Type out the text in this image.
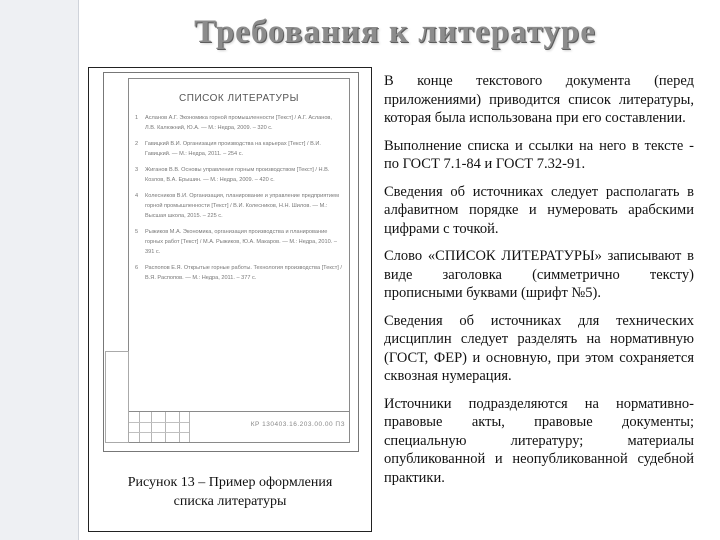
Требования к литературе
СПИСОК ЛИТЕРАТУРЫ
1	Асланов А.Г. Экономика горной промышленности [Текст] / А.Г. Асланов, Л.В. Калюжний, Ю.А. — М.: Недра, 2009. – 320 с.
2	Гавицкий В.И. Организация производства на карьерах [Текст] / В.И. Гавицкий. — М.: Недра, 2011. – 254 с.
3	Жиганов В.В. Основы управления горным производством [Текст] / Н.В. Козлов, В.А. Ерышин. — М.: Недра, 2009. – 420 с.
4	Колесников В.И. Организация, планирование и управление предприятием горной промышленности [Текст] / В.И. Колесников, Н.Н. Шилов. — М.: Высшая школа, 2015. – 225 с.
5	Рыжиков М.А. Экономика, организация производства и планирование горных работ [Текст] / М.А. Рыжиков, Ю.А. Макаров. — М.: Недра, 2010. – 391 с.
6	Распопов Е.Я. Открытые горные работы. Технология производства [Текст] / В.Я. Распопов. — М.: Недра, 2011. – 377 с.
КР 130403.16.203.00.00 ПЗ
Рисунок 13 – Пример оформления
списка литературы

В конце текстового документа (перед приложениями) приводится список литературы, которая была использована при его составлении.

Выполнение списка и ссылки на него в тексте - по ГОСТ 7.1-84 и ГОСТ 7.32-91.

Сведения об источниках следует располагать в алфавитном порядке и нумеровать арабскими цифрами с точкой.

Слово «СПИСОК ЛИТЕРАТУРЫ» записывают в виде заголовка (симметрично тексту) прописными буквами (шрифт №5).

Сведения об источниках для технических дисциплин следует разделять на нормативную (ГОСТ, ФЕР) и основную, при этом сохраняется сквозная нумерация.

Источники подразделяются на нормативно-правовые акты, правовые документы; специальную литературу; материалы опубликованной и неопубликованной судебной практики.
